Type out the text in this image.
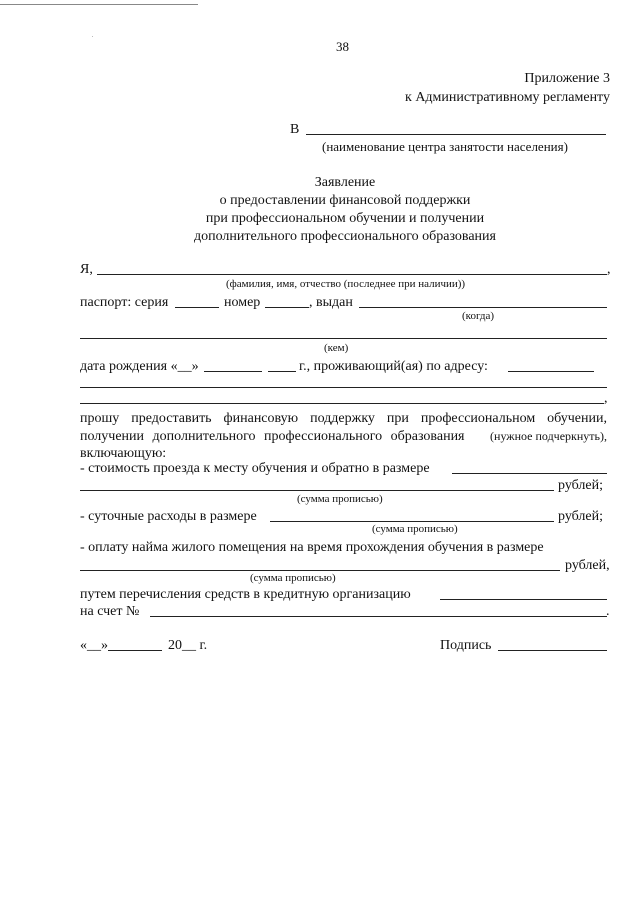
38
Приложение 3
к Административному регламенту
В
(наименование центра занятости населения)
Заявление
о предоставлении финансовой поддержки
при профессиональном обучении и получении
дополнительного профессионального образования
Я,	,
(фамилия, имя, отчество (последнее при наличии))
паспорт: серия	номер	, выдан
(когда)
(кем)
дата рождения «__»	г., проживающий(ая) по адресу:
,
прошу предоставить финансовую поддержку при профессиональном обучении,
получении дополнительного профессионального образования (нужное подчеркнуть),
включающую:
- стоимость проезда к месту обучения и обратно в размере
рублей;
(сумма прописью)
- суточные расходы в размере	рублей;
(сумма прописью)
- оплату найма жилого помещения на время прохождения обучения в размере
рублей,
(сумма прописью)
путем перечисления средств в кредитную организацию
на счет №	.
«__»	20__ г.	Подпись
